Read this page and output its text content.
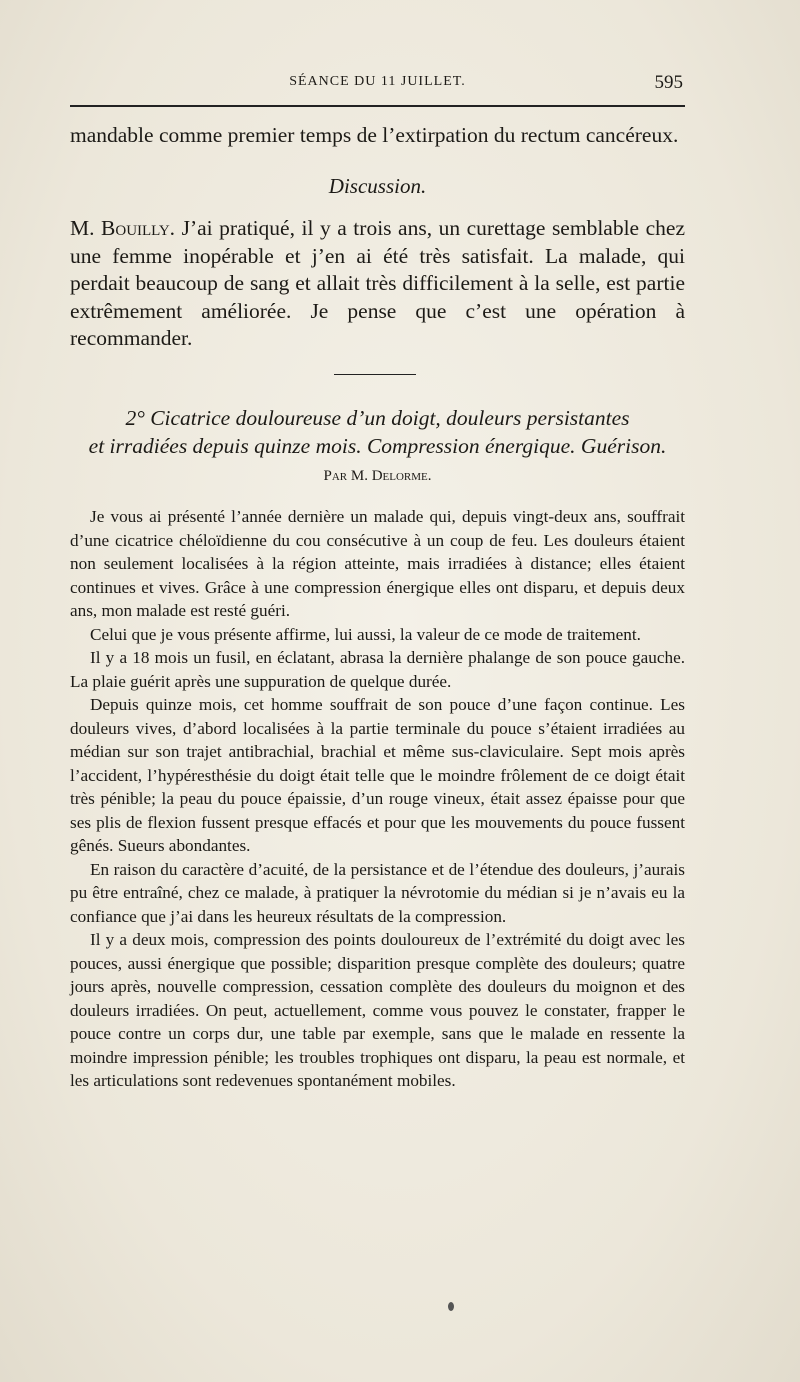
SÉANCE DU 11 JUILLET.	595

mandable comme premier temps de l’extirpation du rectum cancéreux.

Discussion.

M. Bouilly. J’ai pratiqué, il y a trois ans, un curettage semblable chez une femme inopérable et j’en ai été très satisfait. La malade, qui perdait beaucoup de sang et allait très difficilement à la selle, est partie extrêmement améliorée. Je pense que c’est une opération à recommander.

2° Cicatrice douloureuse d’un doigt, douleurs persistantes
et irradiées depuis quinze mois. Compression énergique. Guérison.
Par M. Delorme.

Je vous ai présenté l’année dernière un malade qui, depuis vingt-deux ans, souffrait d’une cicatrice chéloïdienne du cou consécutive à un coup de feu. Les douleurs étaient non seulement localisées à la région atteinte, mais irradiées à distance; elles étaient continues et vives. Grâce à une compression énergique elles ont disparu, et depuis deux ans, mon malade est resté guéri.

Celui que je vous présente affirme, lui aussi, la valeur de ce mode de traitement.

Il y a 18 mois un fusil, en éclatant, abrasa la dernière phalange de son pouce gauche. La plaie guérit après une suppuration de quelque durée.

Depuis quinze mois, cet homme souffrait de son pouce d’une façon continue. Les douleurs vives, d’abord localisées à la partie terminale du pouce s’étaient irradiées au médian sur son trajet antibrachial, brachial et même sus-claviculaire. Sept mois après l’accident, l’hypéresthésie du doigt était telle que le moindre frôlement de ce doigt était très pénible; la peau du pouce épaissie, d’un rouge vineux, était assez épaisse pour que ses plis de flexion fussent presque effacés et pour que les mouvements du pouce fussent gênés. Sueurs abondantes.

En raison du caractère d’acuité, de la persistance et de l’étendue des douleurs, j’aurais pu être entraîné, chez ce malade, à pratiquer la névrotomie du médian si je n’avais eu la confiance que j’ai dans les heureux résultats de la compression.

Il y a deux mois, compression des points douloureux de l’extrémité du doigt avec les pouces, aussi énergique que possible; disparition presque complète des douleurs; quatre jours après, nouvelle compression, cessation complète des douleurs du moignon et des douleurs irradiées. On peut, actuellement, comme vous pouvez le constater, frapper le pouce contre un corps dur, une table par exemple, sans que le malade en ressente la moindre impression pénible; les troubles trophiques ont disparu, la peau est normale, et les articulations sont redevenues spontanément mobiles.
